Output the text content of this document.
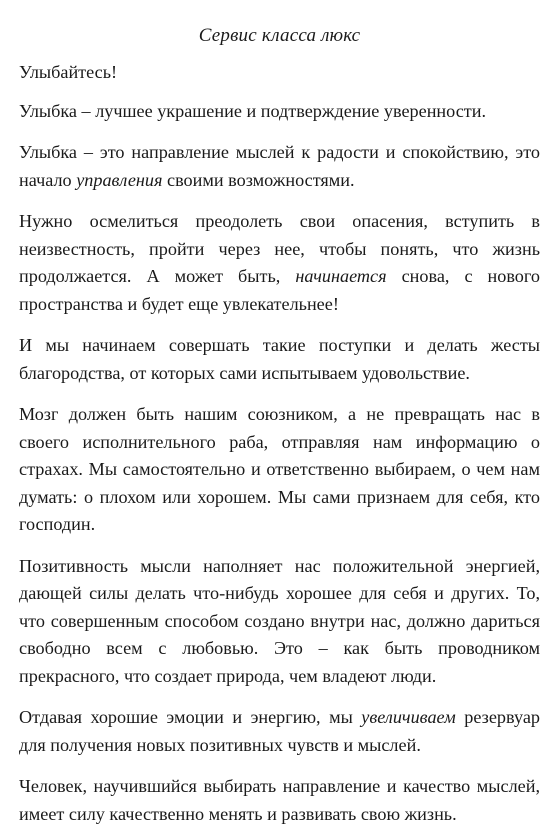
Сервис класса люкс

Улыбайтесь!

Улыбка – лучшее украшение и подтверждение уверенности.

Улыбка – это направление мыслей к радости и спокойствию, это начало управления своими возможностями.

Нужно осмелиться преодолеть свои опасения, вступить в неизвестность, пройти через нее, чтобы понять, что жизнь продолжается. А может быть, начинается снова, с нового пространства и будет еще увлекательнее!

И мы начинаем совершать такие поступки и делать жесты благородства, от которых сами испытываем удовольствие.

Мозг должен быть нашим союзником, а не превращать нас в своего исполнительного раба, отправляя нам информацию о страхах. Мы самостоятельно и ответственно выбираем, о чем нам думать: о плохом или хорошем. Мы сами признаем для себя, кто господин.

Позитивность мысли наполняет нас положительной энергией, дающей силы делать что-нибудь хорошее для себя и других. То, что совершенным способом создано внутри нас, должно дариться свободно всем с любовью. Это – как быть проводником прекрасного, что создает природа, чем владеют люди.

Отдавая хорошие эмоции и энергию, мы увеличиваем резервуар для получения новых позитивных чувств и мыслей.

Человек, научившийся выбирать направление и качество мыслей, имеет силу качественно менять и развивать свою жизнь.
